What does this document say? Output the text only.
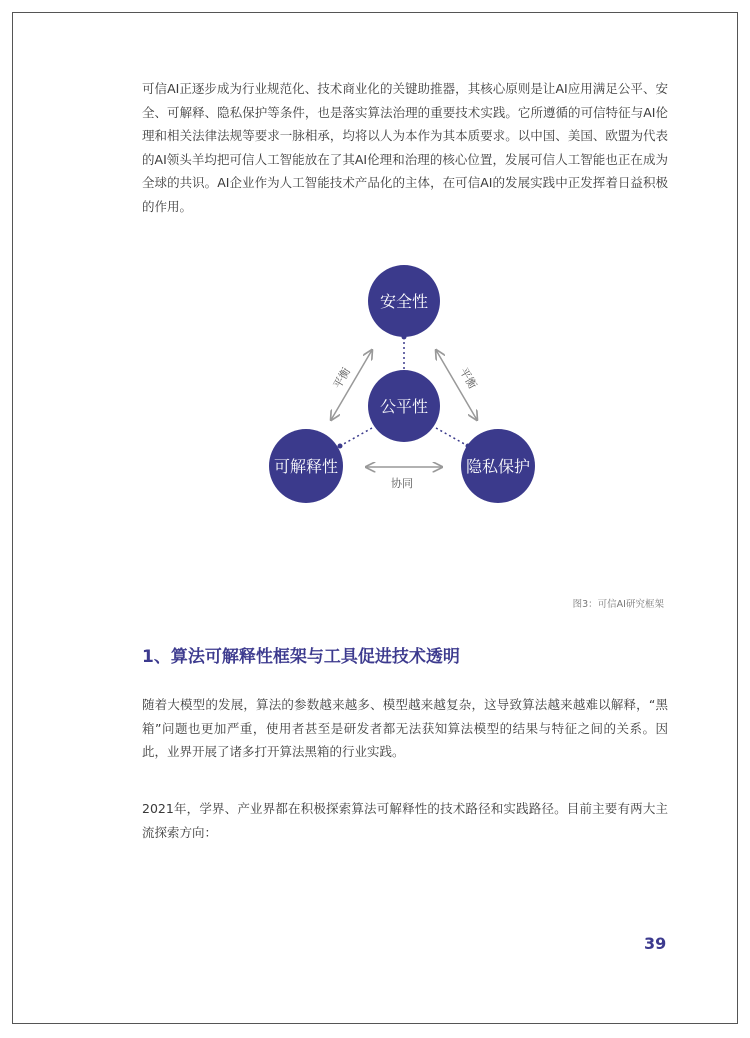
可信AI正逐步成为行业规范化、技术商业化的关键助推器，其核心原则是让AI应用满足公平、安全、可解释、隐私保护等条件，也是落实算法治理的重要技术实践。它所遵循的可信特征与AI伦理和相关法律法规等要求一脉相承，均将以人为本作为其本质要求。以中国、美国、欧盟为代表的AI领头羊均把可信人工智能放在了其AI伦理和治理的核心位置，发展可信人工智能也正在成为全球的共识。AI企业作为人工智能技术产品化的主体，在可信AI的发展实践中正发挥着日益积极的作用。

平衡	平衡
协同
安全性
公平性
可解释性	隐私保护
图3：可信AI研究框架
1、算法可解释性框架与工具促进技术透明

随着大模型的发展，算法的参数越来越多、模型越来越复杂，这导致算法越来越难以解释，“黑箱”问题也更加严重，使用者甚至是研发者都无法获知算法模型的结果与特征之间的关系。因此，业界开展了诸多打开算法黑箱的行业实践。

2021年，学界、产业界都在积极探索算法可解释性的技术路径和实践路径。目前主要有两大主流探索方向：

39
